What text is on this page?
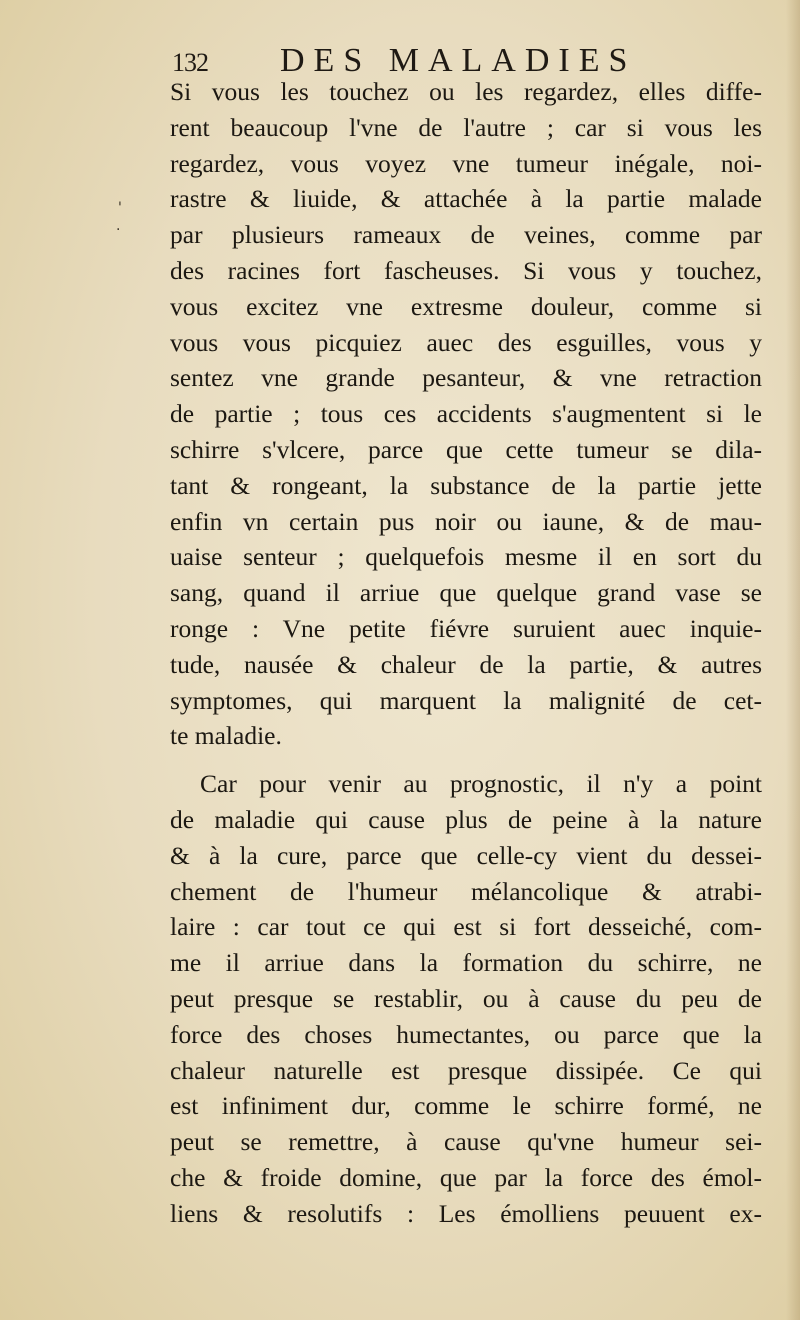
132 DES MALADIES
'
.
Si vous les touchez ou les regardez, elles diffe-
rent beaucoup l'vne de l'autre ; car si vous les
regardez, vous voyez vne tumeur inégale, noi-
rastre & liuide, & attachée à la partie malade
par plusieurs rameaux de veines, comme par
des racines fort fascheuses. Si vous y touchez,
vous excitez vne extresme douleur, comme si
vous vous picquiez auec des esguilles, vous y
sentez vne grande pesanteur, & vne retraction
de partie ; tous ces accidents s'augmentent si le
schirre s'vlcere, parce que cette tumeur se dila-
tant & rongeant, la substance de la partie jette
enfin vn certain pus noir ou iaune, & de mau-
uaise senteur ; quelquefois mesme il en sort du
sang, quand il arriue que quelque grand vase se
ronge : Vne petite fiévre suruient auec inquie-
tude, nausée & chaleur de la partie, & autres
symptomes, qui marquent la malignité de cet-
te maladie.
Car pour venir au prognostic, il n'y a point
de maladie qui cause plus de peine à la nature
& à la cure, parce que celle-cy vient du dessei-
chement de l'humeur mélancolique & atrabi-
laire : car tout ce qui est si fort desseiché, com-
me il arriue dans la formation du schirre, ne
peut presque se restablir, ou à cause du peu de
force des choses humectantes, ou parce que la
chaleur naturelle est presque dissipée. Ce qui
est infiniment dur, comme le schirre formé, ne
peut se remettre, à cause qu'vne humeur sei-
che & froide domine, que par la force des émol-
liens & resolutifs : Les émolliens peuuent ex-
